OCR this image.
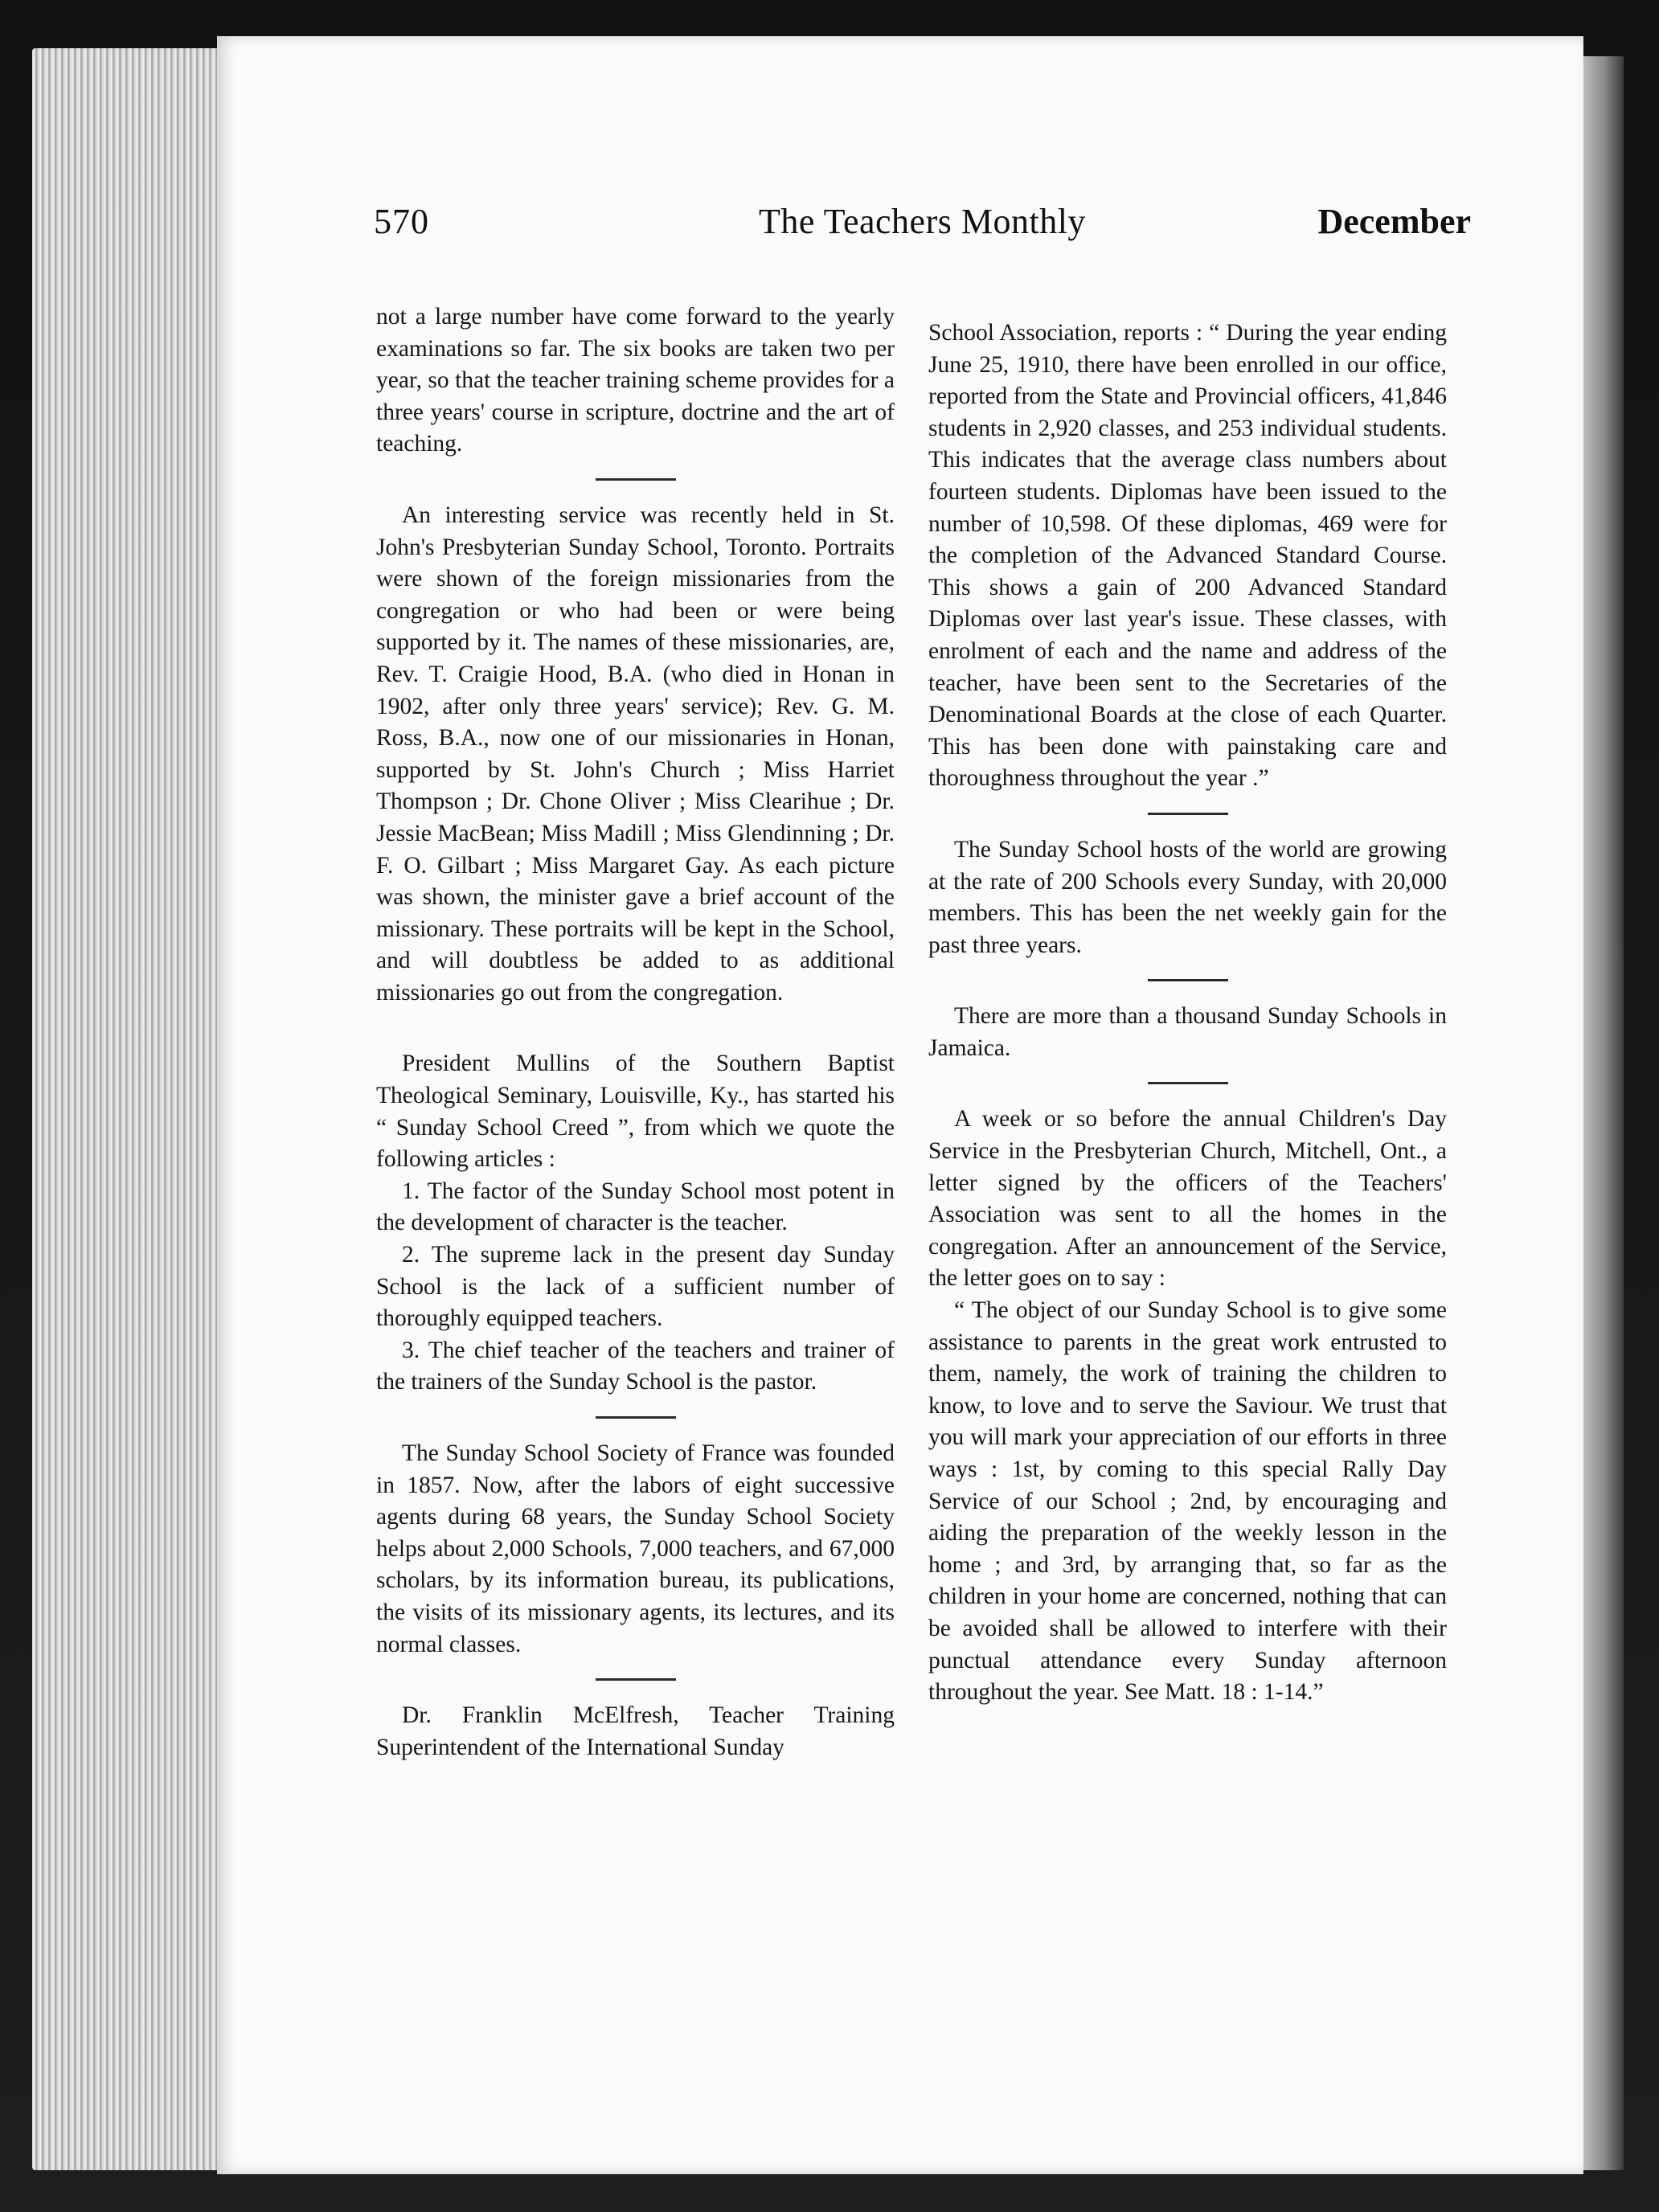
570	The Teachers Monthly	December

not a large number have come forward to the yearly examinations so far. The six books are taken two per year, so that the teacher training scheme provides for a three years' course in scripture, doctrine and the art of teaching.

An interesting service was recently held in St. John's Presbyterian Sunday School, Toronto. Portraits were shown of the foreign missionaries from the congregation or who had been or were being supported by it. The names of these missionaries, are, Rev. T. Craigie Hood, B.A. (who died in Honan in 1902, after only three years' service); Rev. G. M. Ross, B.A., now one of our missionaries in Honan, supported by St. John's Church ; Miss Harriet Thompson ; Dr. Chone Oliver ; Miss Clearihue ; Dr. Jessie MacBean; Miss Madill ; Miss Glendinning ; Dr. F. O. Gilbart ; Miss Margaret Gay. As each picture was shown, the minister gave a brief account of the missionary. These portraits will be kept in the School, and will doubtless be added to as additional missionaries go out from the congregation.

President Mullins of the Southern Baptist Theological Seminary, Louisville, Ky., has started his “ Sunday School Creed ”, from which we quote the following articles :

1. The factor of the Sunday School most potent in the development of character is the teacher.

2. The supreme lack in the present day Sunday School is the lack of a sufficient number of thoroughly equipped teachers.

3. The chief teacher of the teachers and trainer of the trainers of the Sunday School is the pastor.

The Sunday School Society of France was founded in 1857. Now, after the labors of eight successive agents during 68 years, the Sunday School Society helps about 2,000 Schools, 7,000 teachers, and 67,000 scholars, by its information bureau, its publications, the visits of its missionary agents, its lectures, and its normal classes.

Dr. Franklin McElfresh, Teacher Training Superintendent of the International Sunday

School Association, reports : “ During the year ending June 25, 1910, there have been enrolled in our office, reported from the State and Provincial officers, 41,846 students in 2,920 classes, and 253 individual students. This indicates that the average class numbers about fourteen students. Diplomas have been issued to the number of 10,598. Of these diplomas, 469 were for the completion of the Advanced Standard Course. This shows a gain of 200 Advanced Standard Diplomas over last year's issue. These classes, with enrolment of each and the name and address of the teacher, have been sent to the Secretaries of the Denominational Boards at the close of each Quarter. This has been done with painstaking care and thoroughness throughout the year .”

The Sunday School hosts of the world are growing at the rate of 200 Schools every Sunday, with 20,000 members. This has been the net weekly gain for the past three years.

There are more than a thousand Sunday Schools in Jamaica.

A week or so before the annual Children's Day Service in the Presbyterian Church, Mitchell, Ont., a letter signed by the officers of the Teachers' Association was sent to all the homes in the congregation. After an announcement of the Service, the letter goes on to say :

“ The object of our Sunday School is to give some assistance to parents in the great work entrusted to them, namely, the work of training the children to know, to love and to serve the Saviour. We trust that you will mark your appreciation of our efforts in three ways : 1st, by coming to this special Rally Day Service of our School ; 2nd, by encouraging and aiding the preparation of the weekly lesson in the home ; and 3rd, by arranging that, so far as the children in your home are concerned, nothing that can be avoided shall be allowed to interfere with their punctual attendance every Sunday afternoon throughout the year. See Matt. 18 : 1-14.”
